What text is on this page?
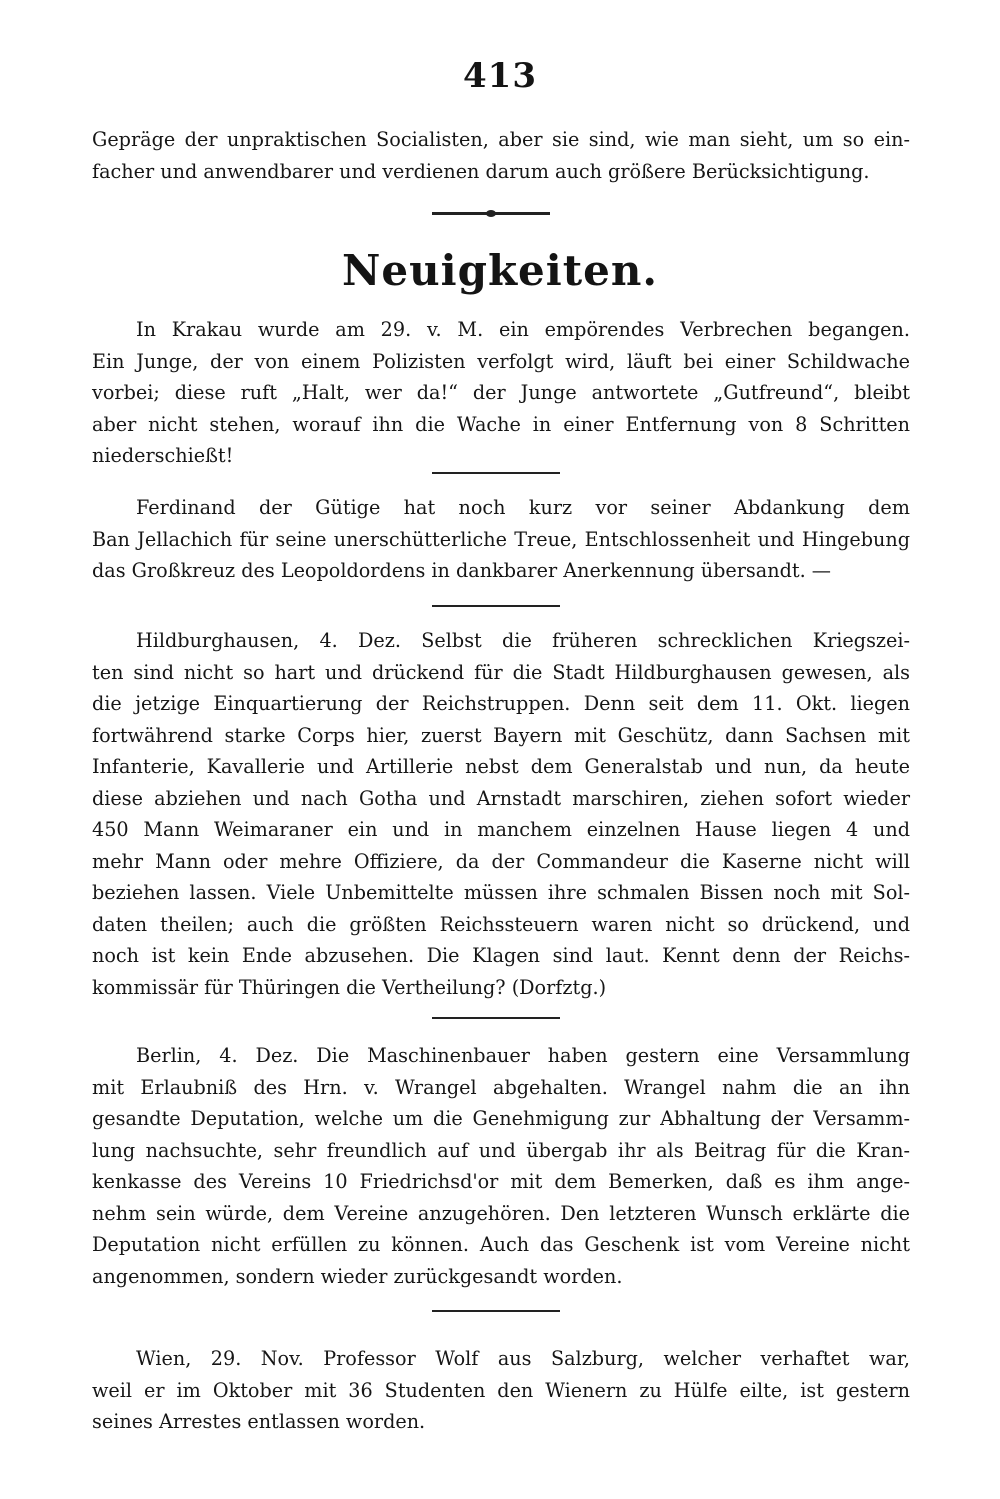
413
Gepräge der unpraktischen Socialisten, aber sie sind, wie man sieht, um so ein-
facher und anwendbarer und verdienen darum auch größere Berücksichtigung.
Neuigkeiten.
In Krakau wurde am 29. v. M. ein empörendes Verbrechen begangen.
Ein Junge, der von einem Polizisten verfolgt wird, läuft bei einer Schildwache
vorbei; diese ruft „Halt, wer da!“ der Junge antwortete „Gutfreund“, bleibt
aber nicht stehen, worauf ihn die Wache in einer Entfernung von 8 Schritten
niederschießt!
Ferdinand der Gütige hat noch kurz vor seiner Abdankung dem
Ban Jellachich für seine unerschütterliche Treue, Entschlossenheit und Hingebung
das Großkreuz des Leopoldordens in dankbarer Anerkennung übersandt. —
Hildburghausen, 4. Dez. Selbst die früheren schrecklichen Kriegszei-
ten sind nicht so hart und drückend für die Stadt Hildburghausen gewesen, als
die jetzige Einquartierung der Reichstruppen. Denn seit dem 11. Okt. liegen
fortwährend starke Corps hier, zuerst Bayern mit Geschütz, dann Sachsen mit
Infanterie, Kavallerie und Artillerie nebst dem Generalstab und nun, da heute
diese abziehen und nach Gotha und Arnstadt marschiren, ziehen sofort wieder
450 Mann Weimaraner ein und in manchem einzelnen Hause liegen 4 und
mehr Mann oder mehre Offiziere, da der Commandeur die Kaserne nicht will
beziehen lassen. Viele Unbemittelte müssen ihre schmalen Bissen noch mit Sol-
daten theilen; auch die größten Reichssteuern waren nicht so drückend, und
noch ist kein Ende abzusehen. Die Klagen sind laut. Kennt denn der Reichs-
kommissär für Thüringen die Vertheilung? (Dorfztg.)
Berlin, 4. Dez. Die Maschinenbauer haben gestern eine Versammlung
mit Erlaubniß des Hrn. v. Wrangel abgehalten. Wrangel nahm die an ihn
gesandte Deputation, welche um die Genehmigung zur Abhaltung der Versamm-
lung nachsuchte, sehr freundlich auf und übergab ihr als Beitrag für die Kran-
kenkasse des Vereins 10 Friedrichsd'or mit dem Bemerken, daß es ihm ange-
nehm sein würde, dem Vereine anzugehören. Den letzteren Wunsch erklärte die
Deputation nicht erfüllen zu können. Auch das Geschenk ist vom Vereine nicht
angenommen, sondern wieder zurückgesandt worden.
Wien, 29. Nov. Professor Wolf aus Salzburg, welcher verhaftet war,
weil er im Oktober mit 36 Studenten den Wienern zu Hülfe eilte, ist gestern
seines Arrestes entlassen worden.
